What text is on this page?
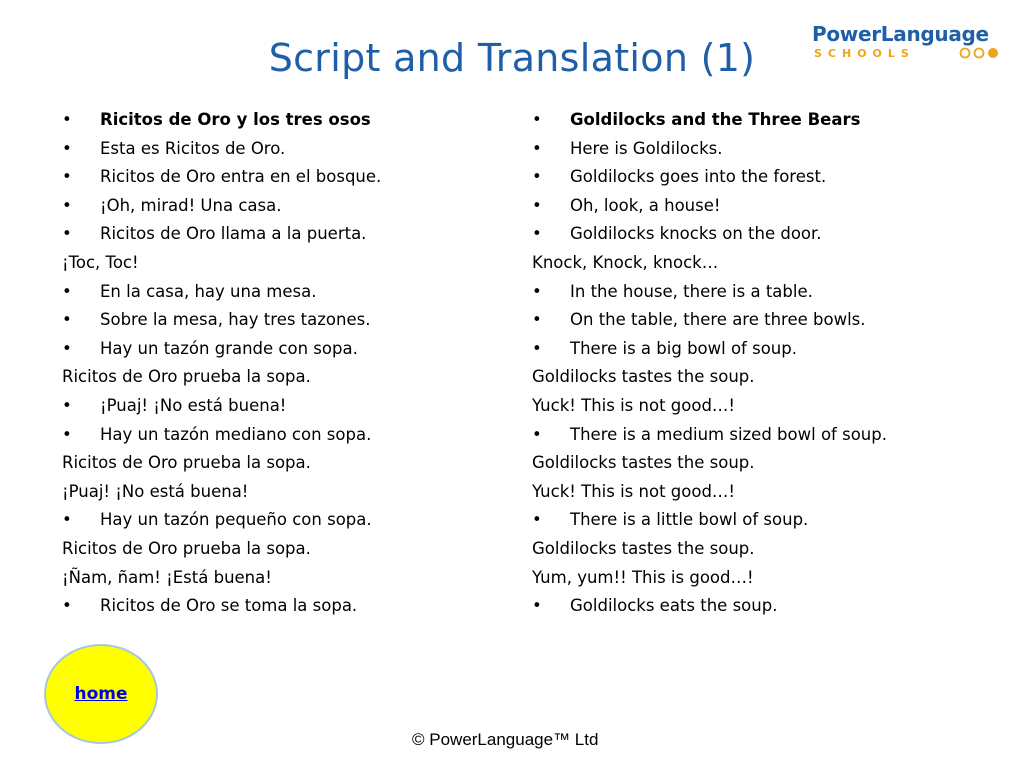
Script and Translation (1)
PowerLanguage
SCHOOLS
• Ricitos de Oro y los tres osos
• Esta es Ricitos de Oro.
• Ricitos de Oro entra en el bosque.
• ¡Oh, mirad! Una casa.
• Ricitos de Oro llama a la puerta.
¡Toc, Toc!
• En la casa, hay una mesa.
• Sobre la mesa, hay tres tazones.
• Hay un tazón grande con sopa.
Ricitos de Oro prueba la sopa.
• ¡Puaj! ¡No está buena!
• Hay un tazón mediano con sopa.
Ricitos de Oro prueba la sopa.
¡Puaj! ¡No está buena!
• Hay un tazón pequeño con sopa.
Ricitos de Oro prueba la sopa.
¡Ñam, ñam! ¡Está buena!
• Ricitos de Oro se toma la sopa.
• Goldilocks and the Three Bears
• Here is Goldilocks.
• Goldilocks goes into the forest.
• Oh, look, a house!
• Goldilocks knocks on the door.
Knock, Knock, knock…
• In the house, there is a table.
• On the table, there are three bowls.
• There is a big bowl of soup.
Goldilocks tastes the soup.
Yuck! This is not good…!
• There is a medium sized bowl of soup.
Goldilocks tastes the soup.
Yuck! This is not good…!
• There is a little bowl of soup.
Goldilocks tastes the soup.
Yum, yum!! This is good…!
• Goldilocks eats the soup.
home
© PowerLanguage™ Ltd
